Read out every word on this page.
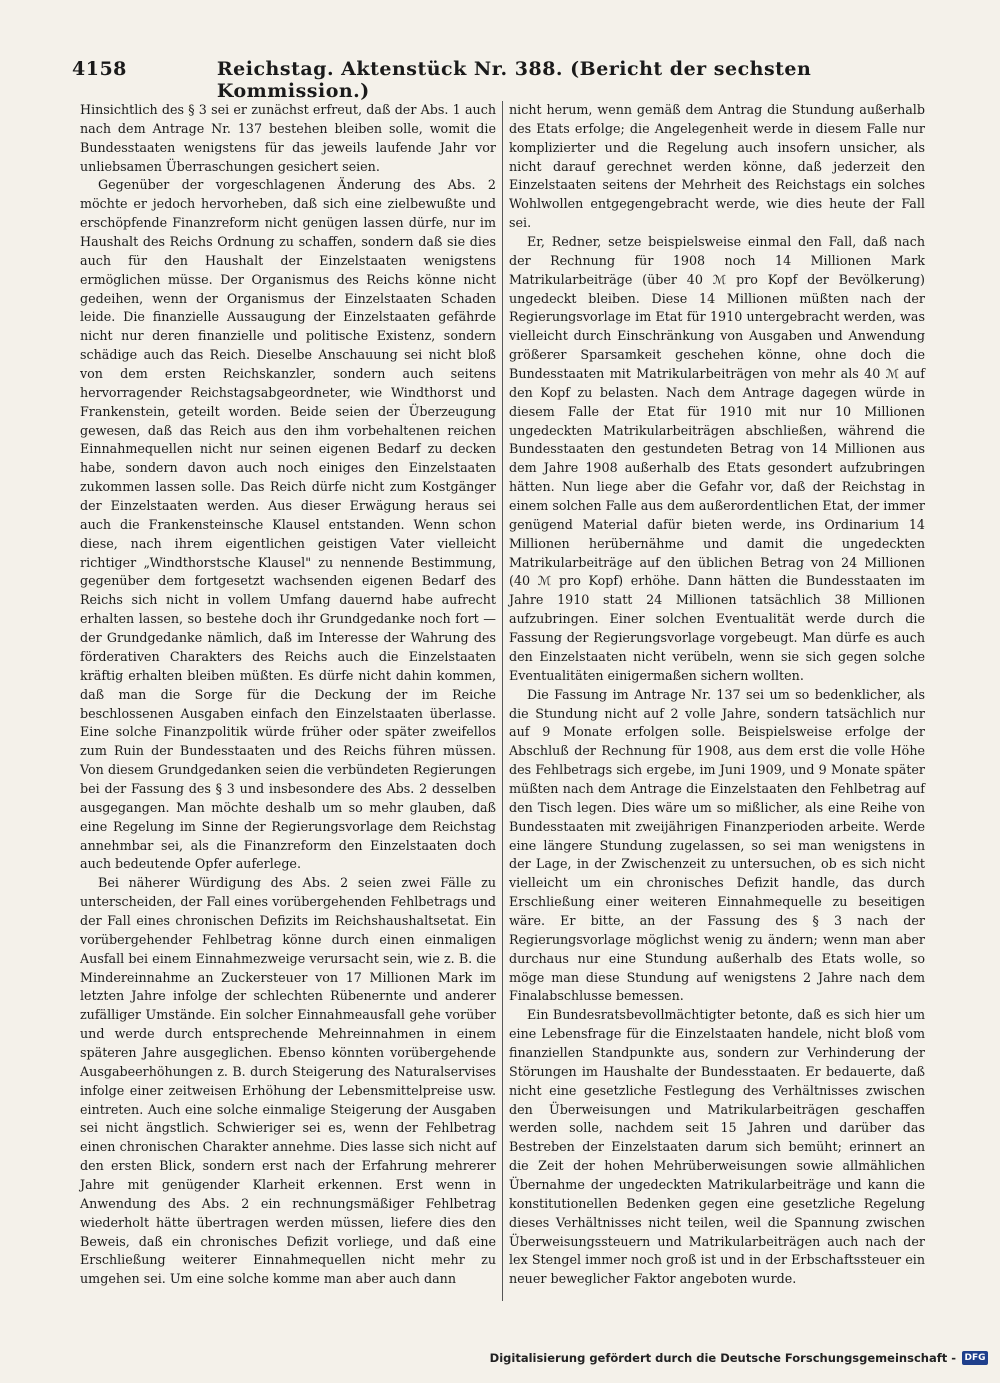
4158	Reichstag. Aktenstück Nr. 388. (Bericht der sechsten Kommission.)

Hinsichtlich des § 3 sei er zunächst erfreut, daß der Abs. 1 auch nach dem Antrage Nr. 137 bestehen bleiben solle, womit die Bundesstaaten wenigstens für das jeweils laufende Jahr vor unliebsamen Überraschungen gesichert seien.

Gegenüber der vorgeschlagenen Änderung des Abs. 2 möchte er jedoch hervorheben, daß sich eine zielbewußte und erschöpfende Finanzreform nicht genügen lassen dürfe, nur im Haushalt des Reichs Ordnung zu schaffen, sondern daß sie dies auch für den Haushalt der Einzelstaaten wenigstens ermöglichen müsse. Der Organismus des Reichs könne nicht gedeihen, wenn der Organismus der Einzelstaaten Schaden leide. Die finanzielle Aussaugung der Einzelstaaten gefährde nicht nur deren finanzielle und politische Existenz, sondern schädige auch das Reich. Dieselbe Anschauung sei nicht bloß von dem ersten Reichskanzler, sondern auch seitens hervorragender Reichstagsabgeordneter, wie Windthorst und Frankenstein, geteilt worden. Beide seien der Überzeugung gewesen, daß das Reich aus den ihm vorbehaltenen reichen Einnahmequellen nicht nur seinen eigenen Bedarf zu decken habe, sondern davon auch noch einiges den Einzelstaaten zukommen lassen solle. Das Reich dürfe nicht zum Kostgänger der Einzelstaaten werden. Aus dieser Erwägung heraus sei auch die Frankensteinsche Klausel entstanden. Wenn schon diese, nach ihrem eigentlichen geistigen Vater vielleicht richtiger „Windthorstsche Klausel" zu nennende Bestimmung, gegenüber dem fortgesetzt wachsenden eigenen Bedarf des Reichs sich nicht in vollem Umfang dauernd habe aufrecht erhalten lassen, so bestehe doch ihr Grundgedanke noch fort — der Grundgedanke nämlich, daß im Interesse der Wahrung des förderativen Charakters des Reichs auch die Einzelstaaten kräftig erhalten bleiben müßten. Es dürfe nicht dahin kommen, daß man die Sorge für die Deckung der im Reiche beschlossenen Ausgaben einfach den Einzelstaaten überlasse. Eine solche Finanzpolitik würde früher oder später zweifellos zum Ruin der Bundesstaaten und des Reichs führen müssen. Von diesem Grundgedanken seien die verbündeten Regierungen bei der Fassung des § 3 und insbesondere des Abs. 2 desselben ausgegangen. Man möchte deshalb um so mehr glauben, daß eine Regelung im Sinne der Regierungsvorlage dem Reichstag annehmbar sei, als die Finanzreform den Einzelstaaten doch auch bedeutende Opfer auferlege.

Bei näherer Würdigung des Abs. 2 seien zwei Fälle zu unterscheiden, der Fall eines vorübergehenden Fehlbetrags und der Fall eines chronischen Defizits im Reichshaushaltsetat. Ein vorübergehender Fehlbetrag könne durch einen einmaligen Ausfall bei einem Einnahmezweige verursacht sein, wie z. B. die Mindereinnahme an Zuckersteuer von 17 Millionen Mark im letzten Jahre infolge der schlechten Rübenernte und anderer zufälliger Umstände. Ein solcher Einnahmeausfall gehe vorüber und werde durch entsprechende Mehreinnahmen in einem späteren Jahre ausgeglichen. Ebenso könnten vorübergehende Ausgabeerhöhungen z. B. durch Steigerung des Naturalservises infolge einer zeitweisen Erhöhung der Lebensmittelpreise usw. eintreten. Auch eine solche einmalige Steigerung der Ausgaben sei nicht ängstlich. Schwieriger sei es, wenn der Fehlbetrag einen chronischen Charakter annehme. Dies lasse sich nicht auf den ersten Blick, sondern erst nach der Erfahrung mehrerer Jahre mit genügender Klarheit erkennen. Erst wenn in Anwendung des Abs. 2 ein rechnungsmäßiger Fehlbetrag wiederholt hätte übertragen werden müssen, liefere dies den Beweis, daß ein chronisches Defizit vorliege, und daß eine Erschließung weiterer Einnahmequellen nicht mehr zu umgehen sei. Um eine solche komme man aber auch dann

nicht herum, wenn gemäß dem Antrag die Stundung außerhalb des Etats erfolge; die Angelegenheit werde in diesem Falle nur komplizierter und die Regelung auch insofern unsicher, als nicht darauf gerechnet werden könne, daß jederzeit den Einzelstaaten seitens der Mehrheit des Reichstags ein solches Wohlwollen entgegengebracht werde, wie dies heute der Fall sei.

Er, Redner, setze beispielsweise einmal den Fall, daß nach der Rechnung für 1908 noch 14 Millionen Mark Matrikularbeiträge (über 40 ℳ pro Kopf der Bevölkerung) ungedeckt bleiben. Diese 14 Millionen müßten nach der Regierungsvorlage im Etat für 1910 untergebracht werden, was vielleicht durch Einschränkung von Ausgaben und Anwendung größerer Sparsamkeit geschehen könne, ohne doch die Bundesstaaten mit Matrikularbeiträgen von mehr als 40 ℳ auf den Kopf zu belasten. Nach dem Antrage dagegen würde in diesem Falle der Etat für 1910 mit nur 10 Millionen ungedeckten Matrikularbeiträgen abschließen, während die Bundesstaaten den gestundeten Betrag von 14 Millionen aus dem Jahre 1908 außerhalb des Etats gesondert aufzubringen hätten. Nun liege aber die Gefahr vor, daß der Reichstag in einem solchen Falle aus dem außerordentlichen Etat, der immer genügend Material dafür bieten werde, ins Ordinarium 14 Millionen herübernähme und damit die ungedeckten Matrikularbeiträge auf den üblichen Betrag von 24 Millionen (40 ℳ pro Kopf) erhöhe. Dann hätten die Bundesstaaten im Jahre 1910 statt 24 Millionen tatsächlich 38 Millionen aufzubringen. Einer solchen Eventualität werde durch die Fassung der Regierungsvorlage vorgebeugt. Man dürfe es auch den Einzelstaaten nicht verübeln, wenn sie sich gegen solche Eventualitäten einigermaßen sichern wollten.

Die Fassung im Antrage Nr. 137 sei um so bedenklicher, als die Stundung nicht auf 2 volle Jahre, sondern tatsächlich nur auf 9 Monate erfolgen solle. Beispielsweise erfolge der Abschluß der Rechnung für 1908, aus dem erst die volle Höhe des Fehlbetrags sich ergebe, im Juni 1909, und 9 Monate später müßten nach dem Antrage die Einzelstaaten den Fehlbetrag auf den Tisch legen. Dies wäre um so mißlicher, als eine Reihe von Bundesstaaten mit zweijährigen Finanzperioden arbeite. Werde eine längere Stundung zugelassen, so sei man wenigstens in der Lage, in der Zwischenzeit zu untersuchen, ob es sich nicht vielleicht um ein chronisches Defizit handle, das durch Erschließung einer weiteren Einnahmequelle zu beseitigen wäre. Er bitte, an der Fassung des § 3 nach der Regierungsvorlage möglichst wenig zu ändern; wenn man aber durchaus nur eine Stundung außerhalb des Etats wolle, so möge man diese Stundung auf wenigstens 2 Jahre nach dem Finalabschlusse bemessen.

Ein Bundesratsbevollmächtigter betonte, daß es sich hier um eine Lebensfrage für die Einzelstaaten handele, nicht bloß vom finanziellen Standpunkte aus, sondern zur Verhinderung der Störungen im Haushalte der Bundesstaaten. Er bedauerte, daß nicht eine gesetzliche Festlegung des Verhältnisses zwischen den Überweisungen und Matrikularbeiträgen geschaffen werden solle, nachdem seit 15 Jahren und darüber das Bestreben der Einzelstaaten darum sich bemüht; erinnert an die Zeit der hohen Mehrüberweisungen sowie allmählichen Übernahme der ungedeckten Matrikularbeiträge und kann die konstitutionellen Bedenken gegen eine gesetzliche Regelung dieses Verhältnisses nicht teilen, weil die Spannung zwischen Überweisungssteuern und Matrikularbeiträgen auch nach der lex Stengel immer noch groß ist und in der Erbschaftssteuer ein neuer beweglicher Faktor angeboten wurde.

Digitalisierung gefördert durch die Deutsche Forschungsgemeinschaft - DFG
